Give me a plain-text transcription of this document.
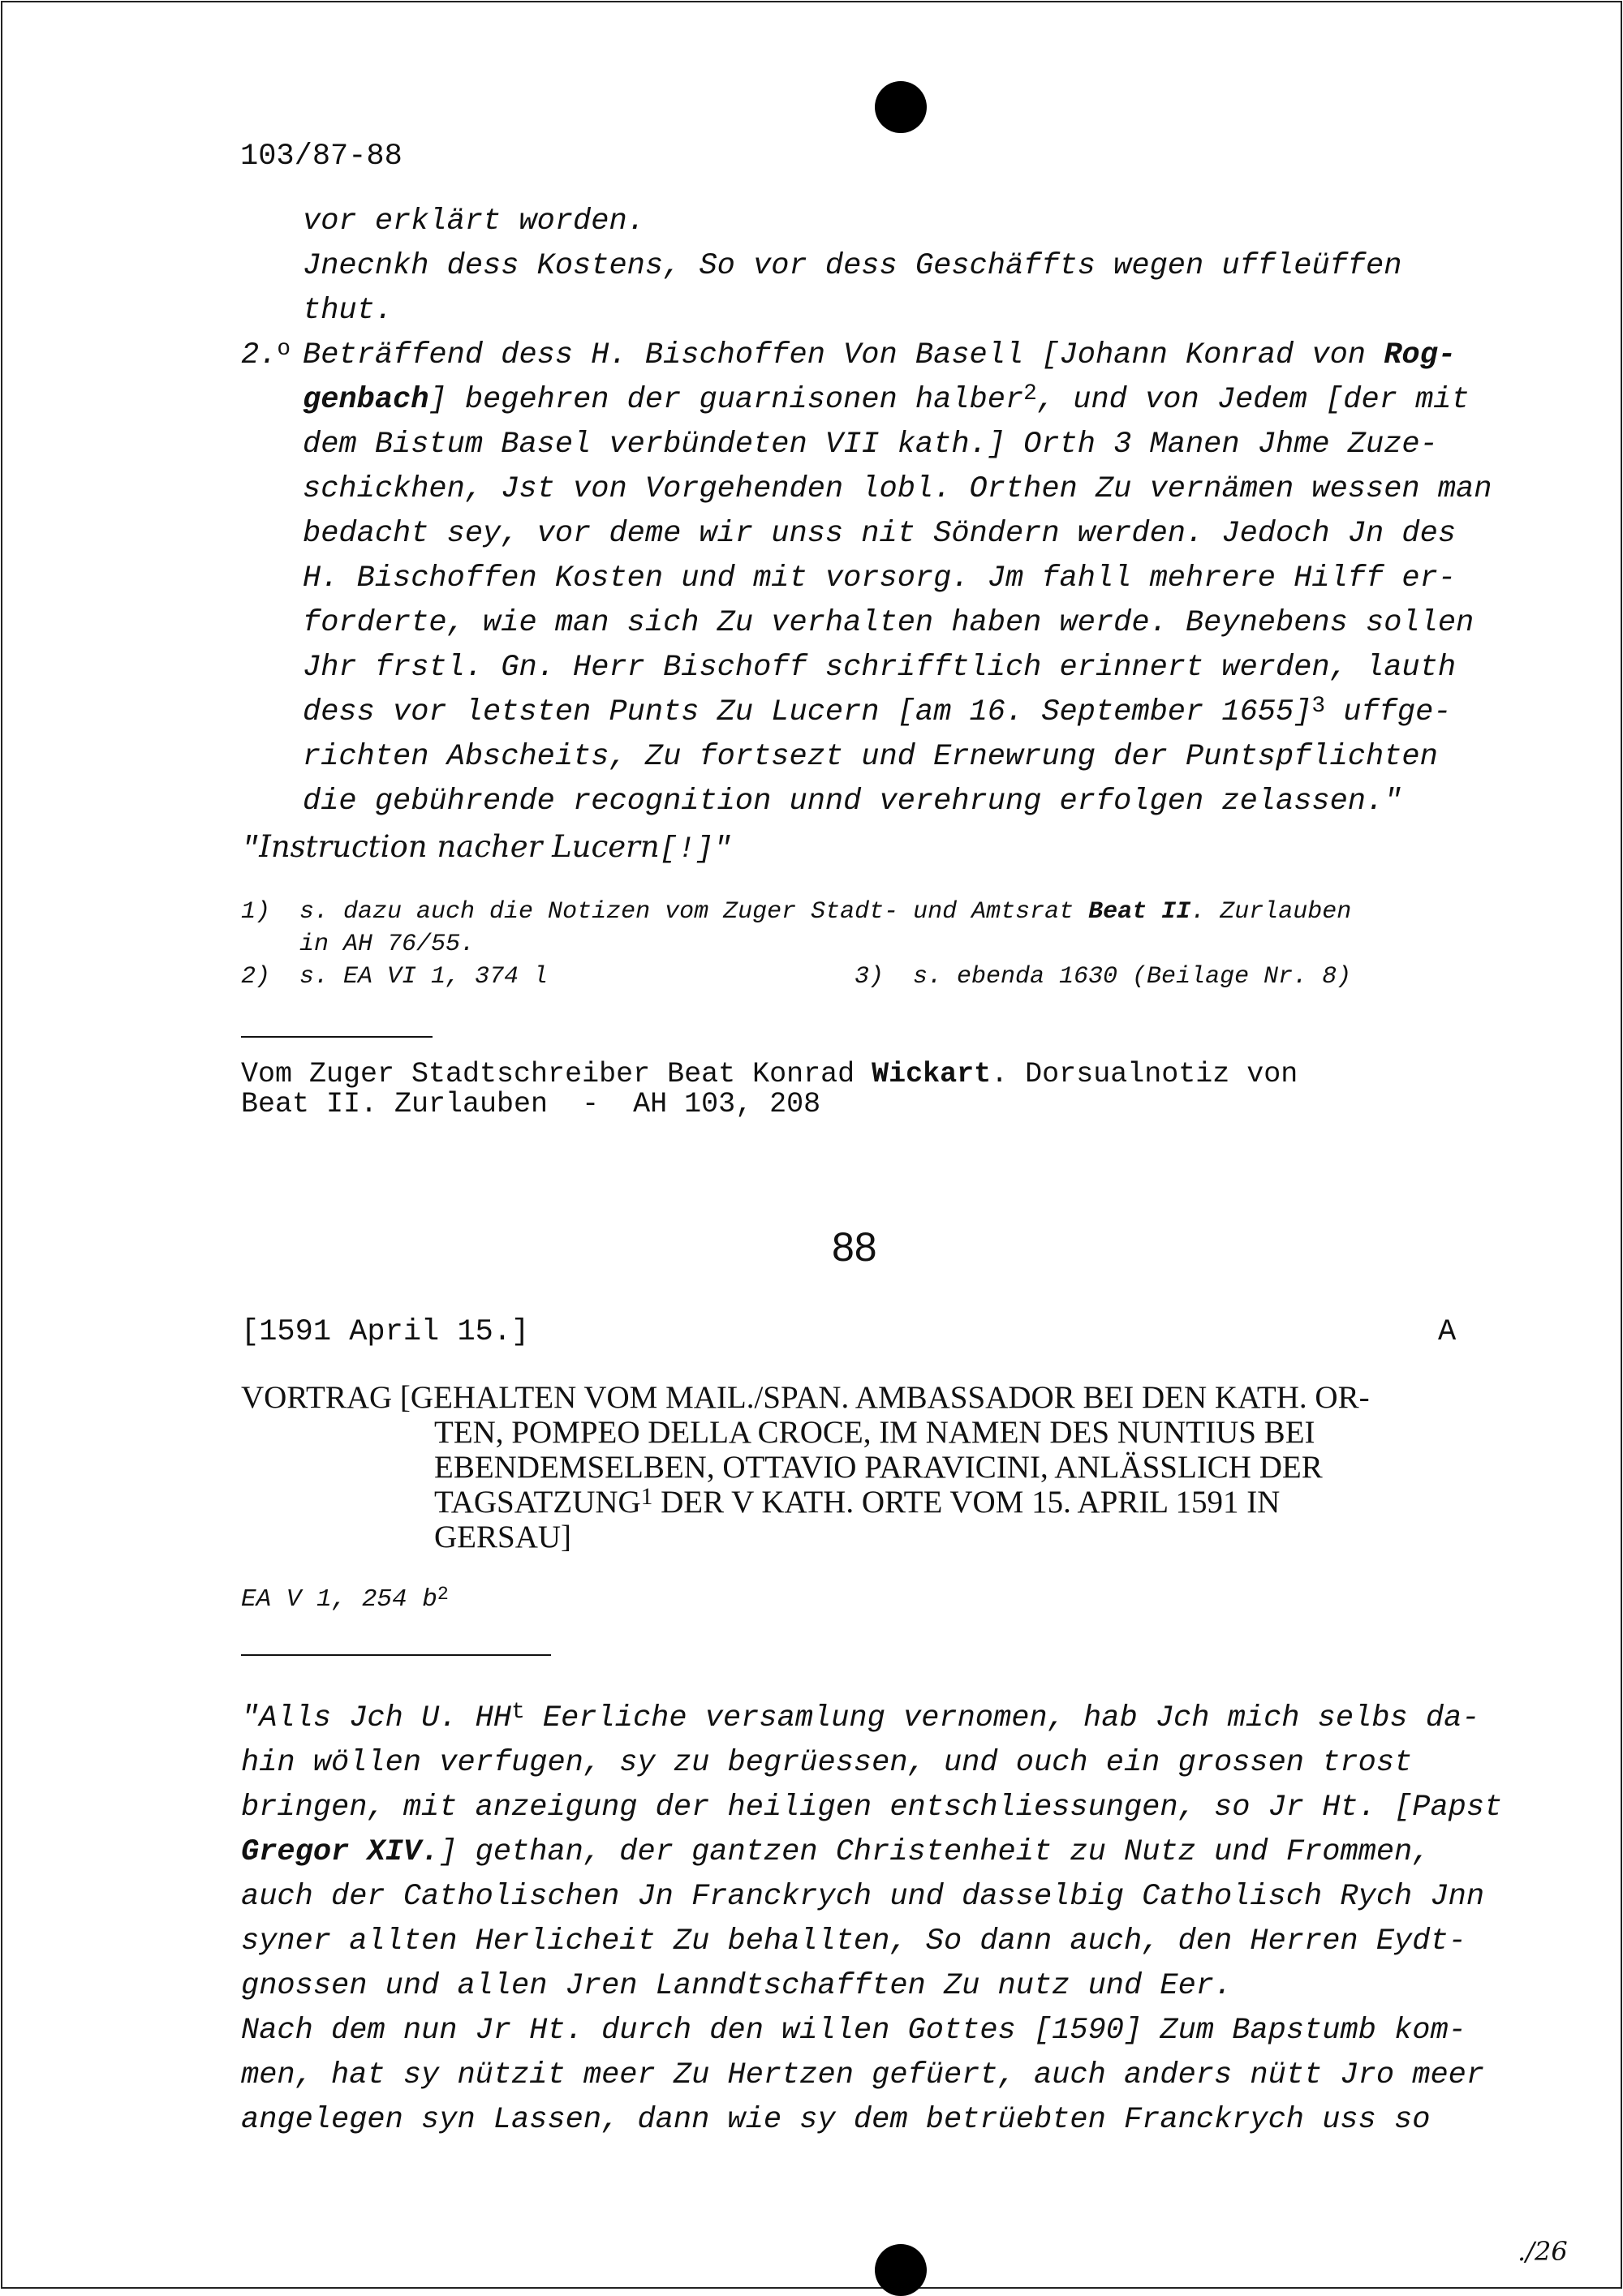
103/87-88
vor erklärt worden.
Jnecnkh dess Kostens, So vor dess Geschäffts wegen uffleüffen
thut.
2.$^o$ Beträffend dess H. Bischoffen Von Basell [Johann Konrad von Rog-
genbach] begehren der guarnisonen halber$^2$, und von Jedem [der mit
dem Bistum Basel verbündeten VII kath.] Orth 3 Manen Jhme Zuze-
schickhen, Jst von Vorgehenden lobl. Orthen Zu vernämen wessen man
bedacht sey, vor deme wir unss nit Söndern werden. Jedoch Jn des
H. Bischoffen Kosten und mit vorsorg. Jm fahll mehrere Hilff er-
forderte, wie man sich Zu verhalten haben werde. Beynebens sollen
Jhr frstl. Gn. Herr Bischoff schrifftlich erinnert werden, lauth
dess vor letsten Punts Zu Lucern [am 16. September 1655]$^3$ uffge-
richten Abscheits, Zu fortsezt und Ernewrung der Puntspflichten
die gebührende recognition unnd verehrung erfolgen zelassen."
"Instruction nacher Lucern[!]"
1)  s. dazu auch die Notizen vom Zuger Stadt- und Amtsrat Beat II. Zurlauben
in AH 76/55.
2)  s. EA VI 1, 374 l	3)  s. ebenda 1630 (Beilage Nr. 8)
Vom Zuger Stadtschreiber Beat Konrad Wickart. Dorsualnotiz von
Beat II. Zurlauben  -  AH 103, 208
88
[1591 April 15.]	A
VORTRAG [GEHALTEN VOM MAIL./SPAN. AMBASSADOR BEI DEN KATH. OR-
TEN, POMPEO DELLA CROCE, IM NAMEN DES NUNTIUS BEI
EBENDEMSELBEN, OTTAVIO PARAVICINI, ANLÄSSLICH DER
TAGSATZUNG$^1$ DER V KATH. ORTE VOM 15. APRIL 1591 IN
GERSAU]
EA V 1, 254 $b^2$
"Alls Jch U. $HH^t$ Eerliche versamlung vernomen, hab Jch mich selbs da-
hin wöllen verfugen, sy zu begrüessen, und ouch ein grossen trost
bringen, mit anzeigung der heiligen entschliessungen, so Jr Ht. [Papst
Gregor XIV.] gethan, der gantzen Christenheit zu Nutz und Frommen,
auch der Catholischen Jn Franckrych und dasselbig Catholisch Rych Jnn
syner allten Herlicheit Zu behallten, So dann auch, den Herren Eydt-
gnossen und allen Jren Lanndtschafften Zu nutz und Eer.
Nach dem nun Jr Ht. durch den willen Gottes [1590] Zum Bapstumb kom-
men, hat sy nützit meer Zu Hertzen gefüert, auch anders nütt Jro meer
angelegen syn Lassen, dann wie sy dem betrüebten Franckrych uss so
./26
